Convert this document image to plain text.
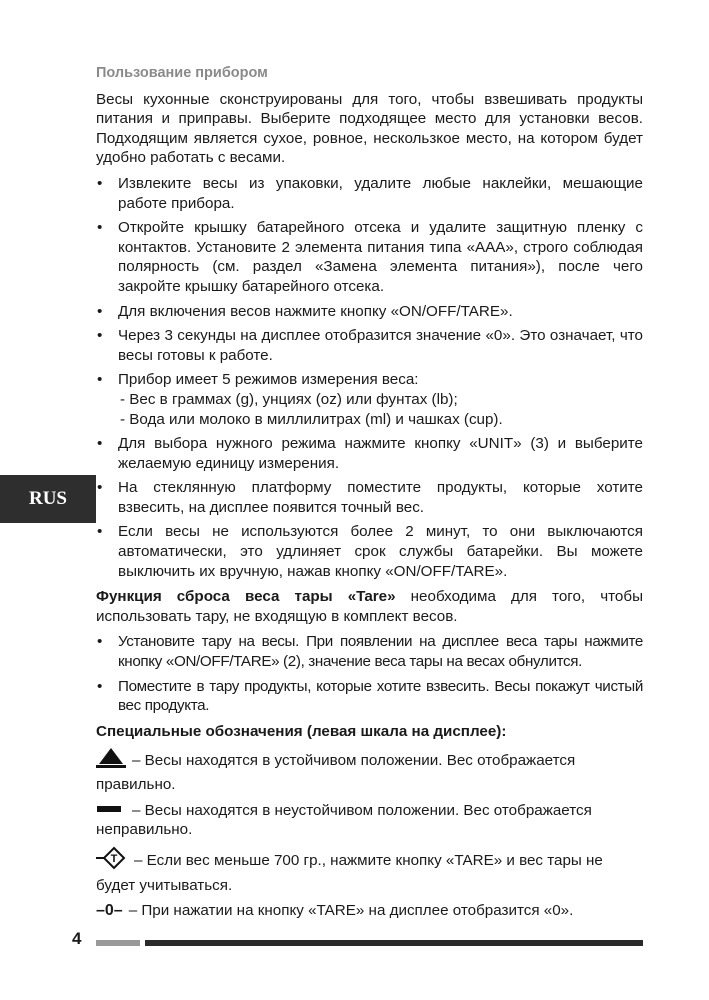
RUS
Пользование прибором
Весы кухонные сконструированы для того, чтобы взвешивать продукты питания и приправы. Выберите подходящее место для установки весов. Подходящим является сухое, ровное, нескользкое место, на котором будет удобно работать с весами.
• Извлеките весы из упаковки, удалите любые наклейки, мешающие работе прибора.
• Откройте крышку батарейного отсека и удалите защитную пленку с контактов. Установите 2 элемента питания типа «ААА», строго соблюдая полярность (см. раздел «Замена элемента питания»), после чего закройте крышку батарейного отсека.
• Для включения весов нажмите кнопку «ON/OFF/TARE».
• Через 3 секунды на дисплее отобразится значение «0». Это означает, что весы готовы к работе.
• Прибор имеет 5 режимов измерения веса:
- Вес в граммах (g), унциях (oz) или фунтах (lb);
- Вода или молоко в миллилитрах (ml) и чашках (cup).
• Для выбора нужного режима нажмите кнопку «UNIT» (3) и выберите желаемую единицу измерения.
• На стеклянную платформу поместите продукты, которые хотите взвесить, на дисплее появится точный вес.
• Если весы не используются более 2 минут, то они выключаются автоматически, это удлиняет срок службы батарейки. Вы можете выключить их вручную, нажав кнопку «ON/OFF/TARE».
Функция сброса веса тары «Tare» необходима для того, чтобы использовать тару, не входящую в комплект весов.
• Установите тару на весы. При появлении на дисплее веса тары нажмите кнопку «ON/OFF/TARE» (2), значение веса тары на весах обнулится.
• Поместите в тару продукты, которые хотите взвесить. Весы покажут чистый вес продукта.
Специальные обозначения (левая шкала на дисплее):
– Весы находятся в устойчивом положении. Вес отображается правильно.
– Весы находятся в неустойчивом положении. Вес отображается неправильно.
T – Если вес меньше 700 гр., нажмите кнопку «TARE» и вес тары не будет учитываться.
–0– – При нажатии на кнопку «TARE» на дисплее отобразится «0».
4
